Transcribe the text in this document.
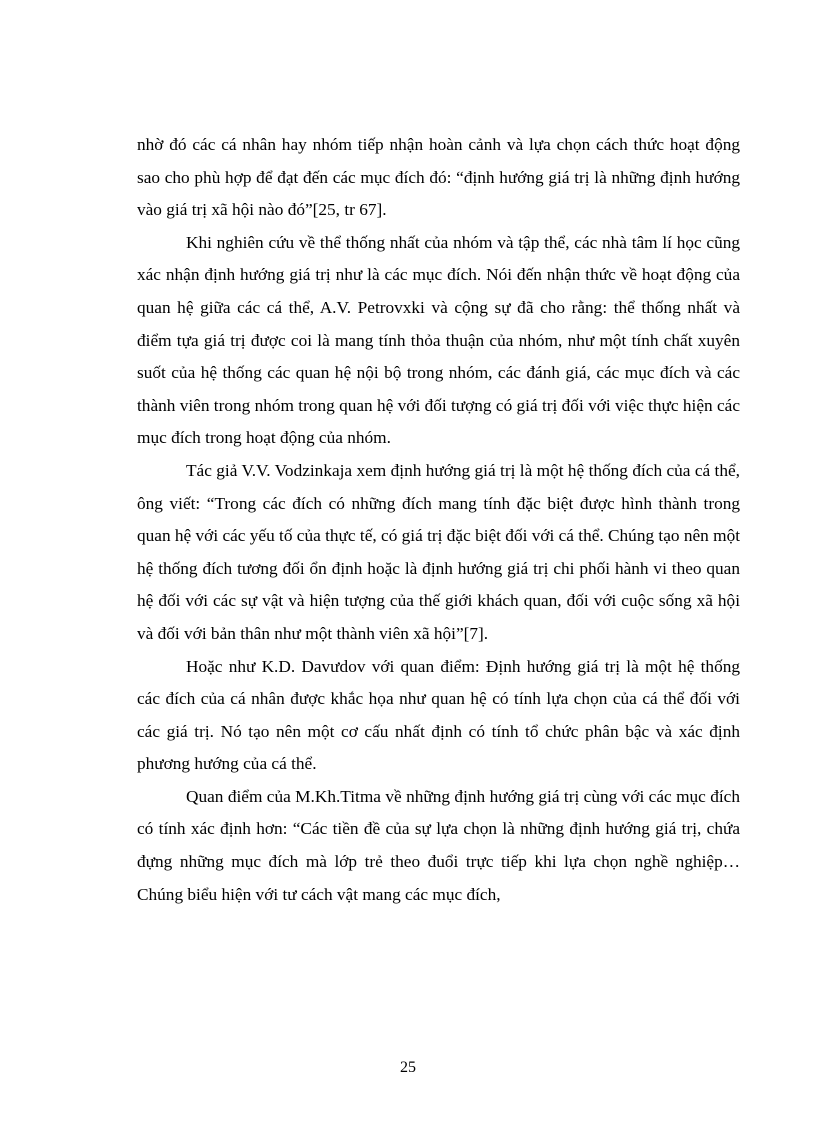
nhờ đó các cá nhân hay nhóm tiếp nhận hoàn cảnh và lựa chọn cách thức hoạt động sao cho phù hợp để đạt đến các mục đích đó: “định hướng giá trị là những định hướng vào giá trị xã hội nào đó”[25, tr 67].

Khi nghiên cứu về thể thống nhất của nhóm và tập thể, các nhà tâm lí học cũng xác nhận định hướng giá trị như là các mục đích. Nói đến nhận thức về hoạt động của quan hệ giữa các cá thể, A.V. Petrovxki và cộng sự đã cho rằng: thể thống nhất và điểm tựa giá trị được coi là mang tính thỏa thuận của nhóm, như một tính chất xuyên suốt của hệ thống các quan hệ nội bộ trong nhóm, các đánh giá, các mục đích và các thành viên trong nhóm trong quan hệ với đối tượng có giá trị đối với việc thực hiện các mục đích trong hoạt động của nhóm.

Tác giả V.V. Vodzinkaja xem định hướng giá trị là một hệ thống đích của cá thể, ông viết: “Trong các đích có những đích mang tính đặc biệt được hình thành trong quan hệ với các yếu tố của thực tế, có giá trị đặc biệt đối với cá thể. Chúng tạo nên một hệ thống đích tương đối ổn định hoặc là định hướng giá trị chi phối hành vi theo quan hệ đối với các sự vật và hiện tượng của thế giới khách quan, đối với cuộc sống xã hội và đối với bản thân như một thành viên xã hội”[7].

Hoặc như K.D. Davưdov với quan điểm: Định hướng giá trị là một hệ thống các đích của cá nhân được khắc họa như quan hệ có tính lựa chọn của cá thể đối với các giá trị. Nó tạo nên một cơ cấu nhất định có tính tổ chức phân bậc và xác định phương hướng của cá thể.

Quan điểm của M.Kh.Titma về những định hướng giá trị cùng với các mục đích có tính xác định hơn: “Các tiền đề của sự lựa chọn là những định hướng giá trị, chứa đựng những mục đích mà lớp trẻ theo đuổi trực tiếp khi lựa chọn nghề nghiệp… Chúng biểu hiện với tư cách vật mang các mục đích,

25
